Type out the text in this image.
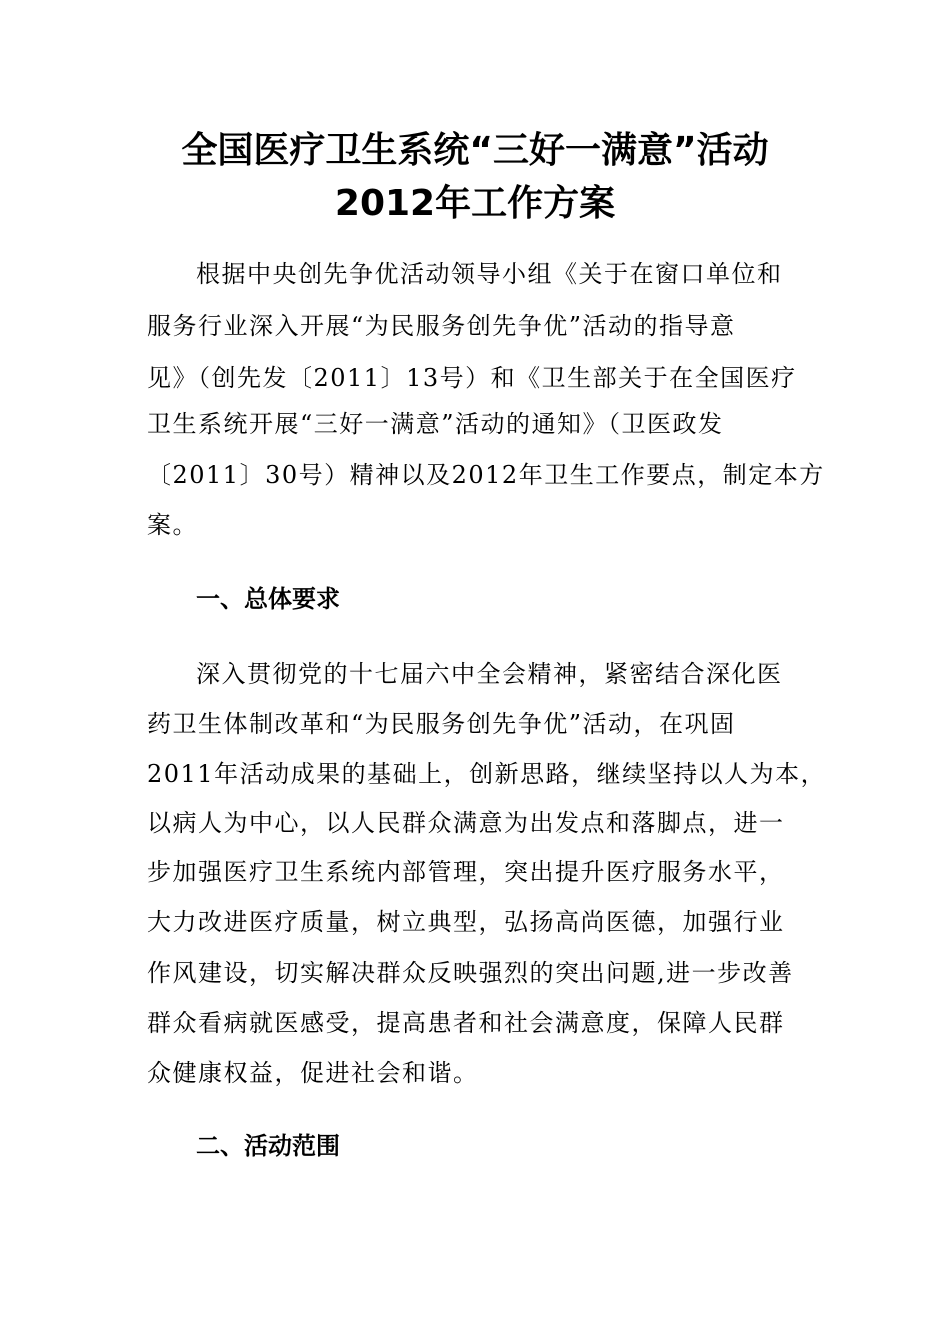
全国医疗卫生系统“三好一满意”活动
2012年工作方案
根据中央创先争优活动领导小组《关于在窗口单位和
服务行业深入开展“为民服务创先争优”活动的指导意
见》（创先发〔2011〕13号）和《卫生部关于在全国医疗
卫生系统开展“三好一满意”活动的通知》（卫医政发
〔2011〕30号）精神以及2012年卫生工作要点，制定本方
案。
一、总体要求
深入贯彻党的十七届六中全会精神，紧密结合深化医
药卫生体制改革和“为民服务创先争优”活动，在巩固
2011年活动成果的基础上，创新思路，继续坚持以人为本，
以病人为中心，以人民群众满意为出发点和落脚点，进一
步加强医疗卫生系统内部管理，突出提升医疗服务水平，
大力改进医疗质量，树立典型，弘扬高尚医德，加强行业
作风建设，切实解决群众反映强烈的突出问题,进一步改善
群众看病就医感受，提高患者和社会满意度，保障人民群
众健康权益，促进社会和谐。
二、活动范围
